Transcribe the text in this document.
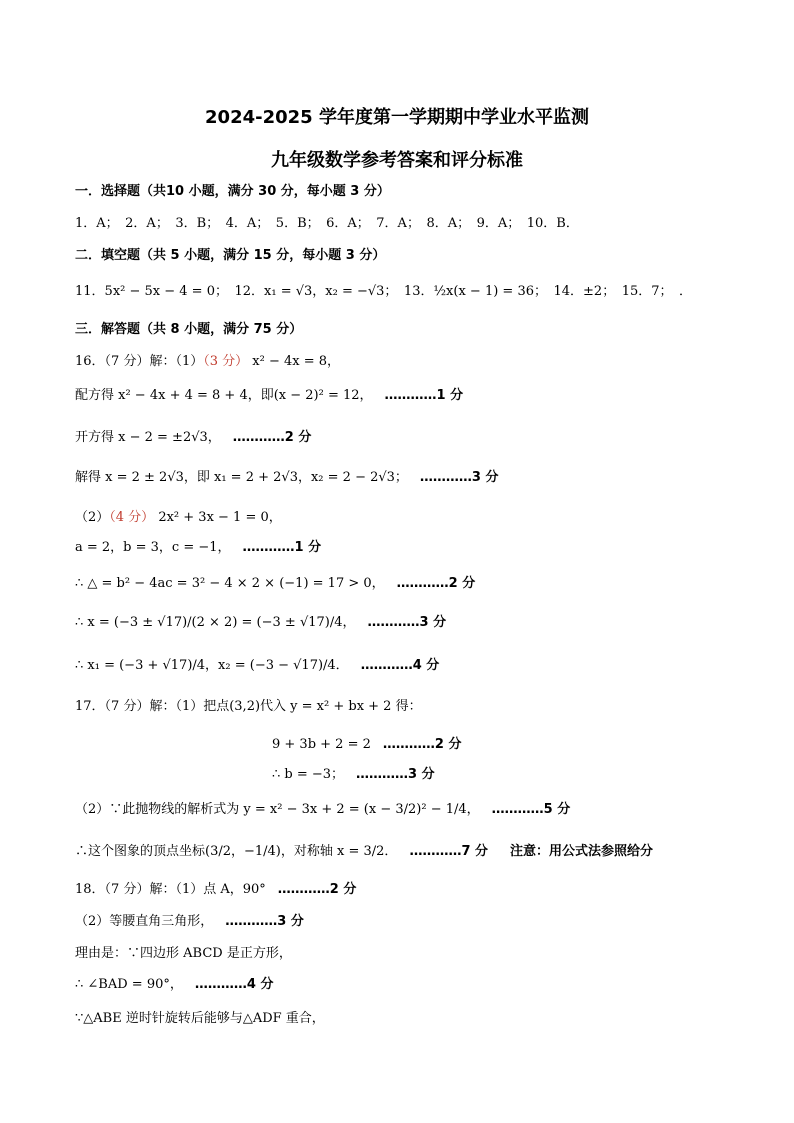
2024-2025 学年度第一学期期中学业水平监测
九年级数学参考答案和评分标准
一．选择题（共10 小题，满分 30 分，每小题 3 分）
1．A；　2．A；　3．B；　4．A；　5．B；　6．A；　7．A；　8．A；　9．A；　10．B．
二．填空题（共 5 小题，满分 15 分，每小题 3 分）
11．5x² − 5x − 4 = 0；　12．x₁ = √3，x₂ = −√3；　13．½x(x − 1) = 36；　14．±2；　15．7；　．
三．解答题（共 8 小题，满分 75 分）
16．（7 分）解：（1）（3 分） x² − 4x = 8，
配方得 x² − 4x + 4 = 8 + 4，即(x − 2)² = 12， …………1 分
开方得 x − 2 = ±2√3， …………2 分
解得 x = 2 ± 2√3，即 x₁ = 2 + 2√3，x₂ = 2 − 2√3； …………3 分
（2）（4 分） 2x² + 3x − 1 = 0，
a = 2，b = 3，c = −1， …………1 分
∴ △ = b² − 4ac = 3² − 4 × 2 × (−1) = 17 > 0， …………2 分
∴ x = (−3 ± √17)/(2 × 2) = (−3 ± √17)/4， …………3 分
∴ x₁ = (−3 + √17)/4，x₂ = (−3 − √17)/4． …………4 分
17．（7 分）解：（1）把点(3,2)代入 y = x² + bx + 2 得：
9 + 3b + 2 = 2 …………2 分
∴ b = −3； …………3 分
（2）∵此抛物线的解析式为 y = x² − 3x + 2 = (x − 3/2)² − 1/4， …………5 分
∴这个图象的顶点坐标(3/2，−1/4)，对称轴 x = 3/2． …………7 分 注意：用公式法参照给分
18．（7 分）解：（1）点 A，90° …………2 分
（2）等腰直角三角形， …………3 分
理由是：∵四边形 ABCD 是正方形，
∴ ∠BAD = 90°， …………4 分
∵△ABE 逆时针旋转后能够与△ADF 重合，
